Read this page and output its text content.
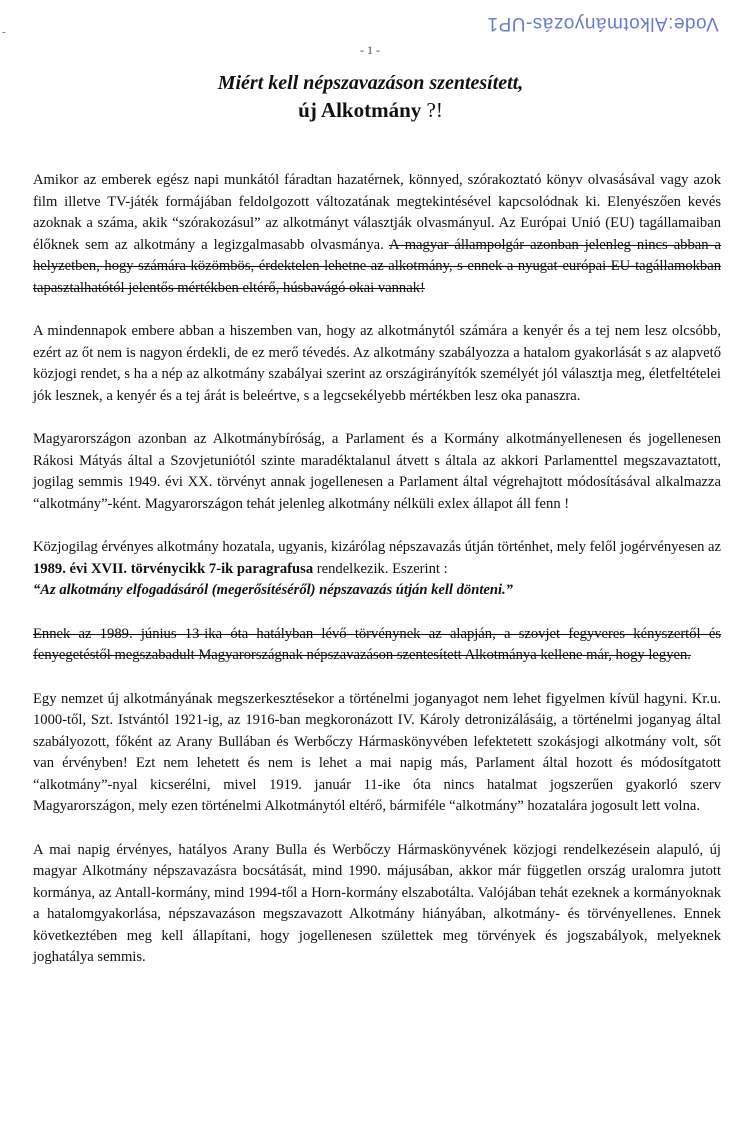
-	Vode:Alkotmányozás-UP1
- 1 -
Miért kell népszavazáson szentesített,
új Alkotmány ?!

Amikor az emberek egész napi munkától fáradtan hazatérnek, könnyed, szórakoztató könyv olvasásával vagy azok film illetve TV-játék formájában feldolgozott változatának megtekintésével kapcsolódnak ki. Elenyészően kevés azoknak a száma, akik “szórakozásul” az alkotmányt választják olvasmányul. Az Európai Unió (EU) tagállamaiban élőknek sem az alkotmány a legizgalmasabb olvasmánya. A magyar állampolgár azonban jelenleg nincs abban a helyzetben, hogy számára közömbös, érdektelen lehetne az alkotmány, s ennek a nyugat-európai EU-tagállamokban tapasztalhatótól jelentős mértékben eltérő, húsbavágó okai vannak!

A mindennapok embere abban a hiszemben van, hogy az alkotmánytól számára a kenyér és a tej nem lesz olcsóbb, ezért az őt nem is nagyon érdekli, de ez merő tévedés. Az alkotmány szabályozza a hatalom gyakorlását s az alapvető közjogi rendet, s ha a nép az alkotmány szabályai szerint az országirányítók személyét jól választja meg, életfeltételei jók lesznek, a kenyér és a tej árát is beleértve, s a legcsekélyebb mértékben lesz oka panaszra.

Magyarországon azonban az Alkotmánybíróság, a Parlament és a Kormány alkotmányellenesen és jogellenesen Rákosi Mátyás által a Szovjetuniótól szinte maradéktalanul átvett s általa az akkori Parlamenttel megszavaztatott, jogilag semmis 1949. évi XX. törvényt annak jogellenesen a Parlament által végrehajtott módosításával alkalmazza “alkotmány”-ként. Magyarországon tehát jelenleg alkotmány nélküli exlex állapot áll fenn !

Közjogilag érvényes alkotmány hozatala, ugyanis, kizárólag népszavazás útján történhet, mely felől jogérvényesen az 1989. évi XVII. törvénycikk 7-ik paragrafusa rendelkezik. Eszerint :
“Az alkotmány elfogadásáról (megerősítéséről) népszavazás útján kell dönteni.”

Ennek az 1989. június 13-ika óta hatályban lévő törvénynek az alapján, a szovjet fegyveres kényszertől és fenyegetéstől megszabadult Magyarországnak népszavazáson szentesített Alkotmánya kellene már, hogy legyen.

Egy nemzet új alkotmányának megszerkesztésekor a történelmi joganyagot nem lehet figyelmen kívül hagyni. Kr.u. 1000-től, Szt. Istvántól 1921-ig, az 1916-ban megkoronázott IV. Károly detronizálásáig, a történelmi joganyag által szabályozott, főként az Arany Bullában és Werbőczy Hármaskönyvében lefektetett szokásjogi alkotmány volt, sőt van érvényben! Ezt nem lehetett és nem is lehet a mai napig más, Parlament által hozott és módosítgatott “alkotmány”-nyal kicserélni, mivel 1919. január 11-ike óta nincs hatalmat jogszerűen gyakorló szerv Magyarországon, mely ezen történelmi Alkotmánytól eltérő, bármiféle “alkotmány” hozatalára jogosult lett volna.

A mai napig érvényes, hatályos Arany Bulla és Werbőczy Hármaskönyvének közjogi rendelkezésein alapuló, új magyar Alkotmány népszavazásra bocsátását, mind 1990. májusában, akkor már független ország uralomra jutott kormánya, az Antall-kormány, mind 1994-től a Horn-kormány elszabotálta. Valójában tehát ezeknek a kormányoknak a hatalomgyakorlása, népszavazáson megszavazott Alkotmány hiányában, alkotmány- és törvényellenes. Ennek következtében meg kell állapítani, hogy jogellenesen születtek meg törvények és jogszabályok, melyeknek joghatálya semmis.
